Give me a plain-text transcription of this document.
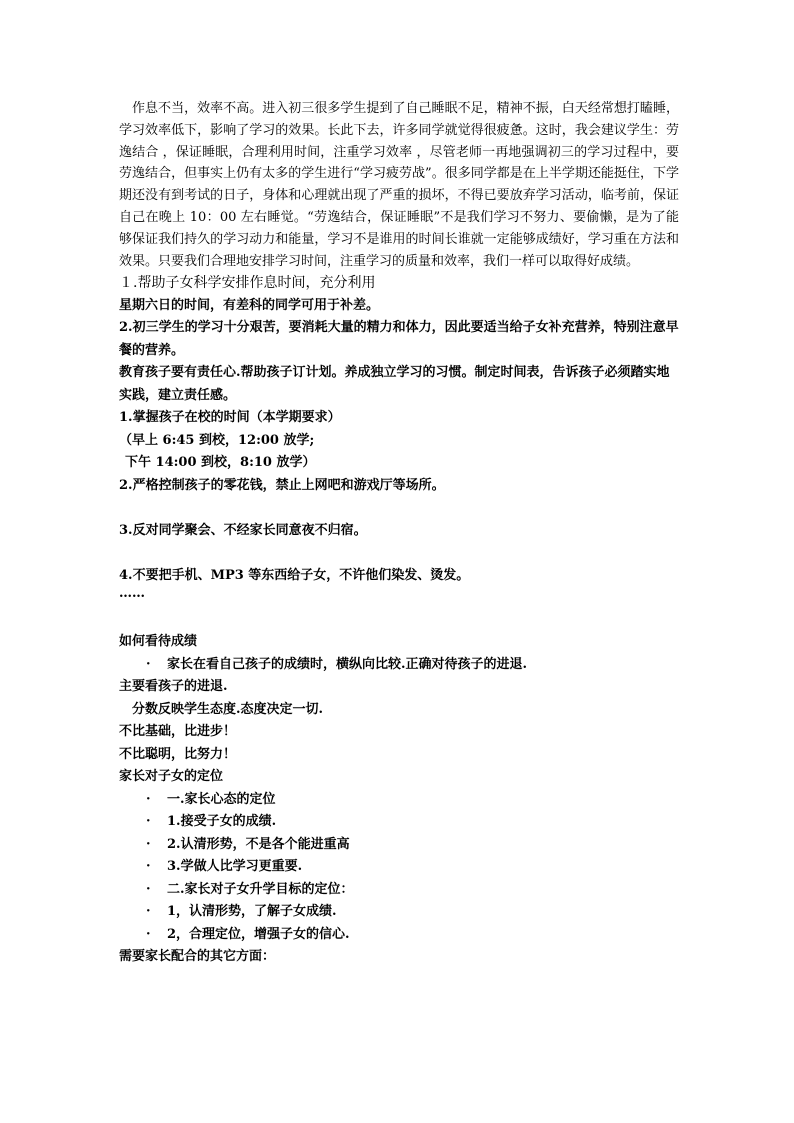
作息不当，效率不高。进入初三很多学生提到了自己睡眠不足，精神不振，白天经常想打瞌睡，学习效率低下，影响了学习的效果。长此下去，许多同学就觉得很疲惫。这时，我会建议学生：劳逸结合 ，保证睡眠，合理利用时间，注重学习效率 ，尽管老师一再地强调初三的学习过程中，要劳逸结合，但事实上仍有太多的学生进行“学习疲劳战”。很多同学都是在上半学期还能挺住，下学期还没有到考试的日子，身体和心理就出现了严重的损坏，不得已要放弃学习活动，临考前，保证自己在晚上 10：00 左右睡觉。“劳逸结合，保证睡眠”不是我们学习不努力、要偷懒，是为了能够保证我们持久的学习动力和能量，学习不是谁用的时间长谁就一定能够成绩好，学习重在方法和效果。只要我们合理地安排学习时间，注重学习的质量和效率，我们一样可以取得好成绩。

１.帮助子女科学安排作息时间，充分利用

星期六日的时间，有差科的同学可用于补差。

2.初三学生的学习十分艰苦，要消耗大量的精力和体力，因此要适当给子女补充营养，特别注意早餐的营养。

教育孩子要有责任心.帮助孩子订计划。养成独立学习的习惯。制定时间表，告诉孩子必须踏实地实践，建立责任感。

1.掌握孩子在校的时间（本学期要求）

（早上 6:45 到校，12:00 放学;

下午 14:00 到校，8:10 放学）

2.严格控制孩子的零花钱，禁止上网吧和游戏厅等场所。

3.反对同学聚会、不经家长同意夜不归宿。

4.不要把手机、MP3 等东西给子女，不许他们染发、烫发。

……

如何看待成绩

· 家长在看自己孩子的成绩时，横纵向比较.正确对待孩子的进退.

主要看孩子的进退.

分数反映学生态度.态度决定一切.

不比基础，比进步！

不比聪明，比努力！

家长对子女的定位

· 一.家长心态的定位

· 1.接受子女的成绩.

· 2.认清形势，不是各个能进重高

· 3.学做人比学习更重要.

· 二.家长对子女升学目标的定位：

· 1，认清形势，了解子女成绩.

· 2，合理定位，增强子女的信心.

需要家长配合的其它方面：
